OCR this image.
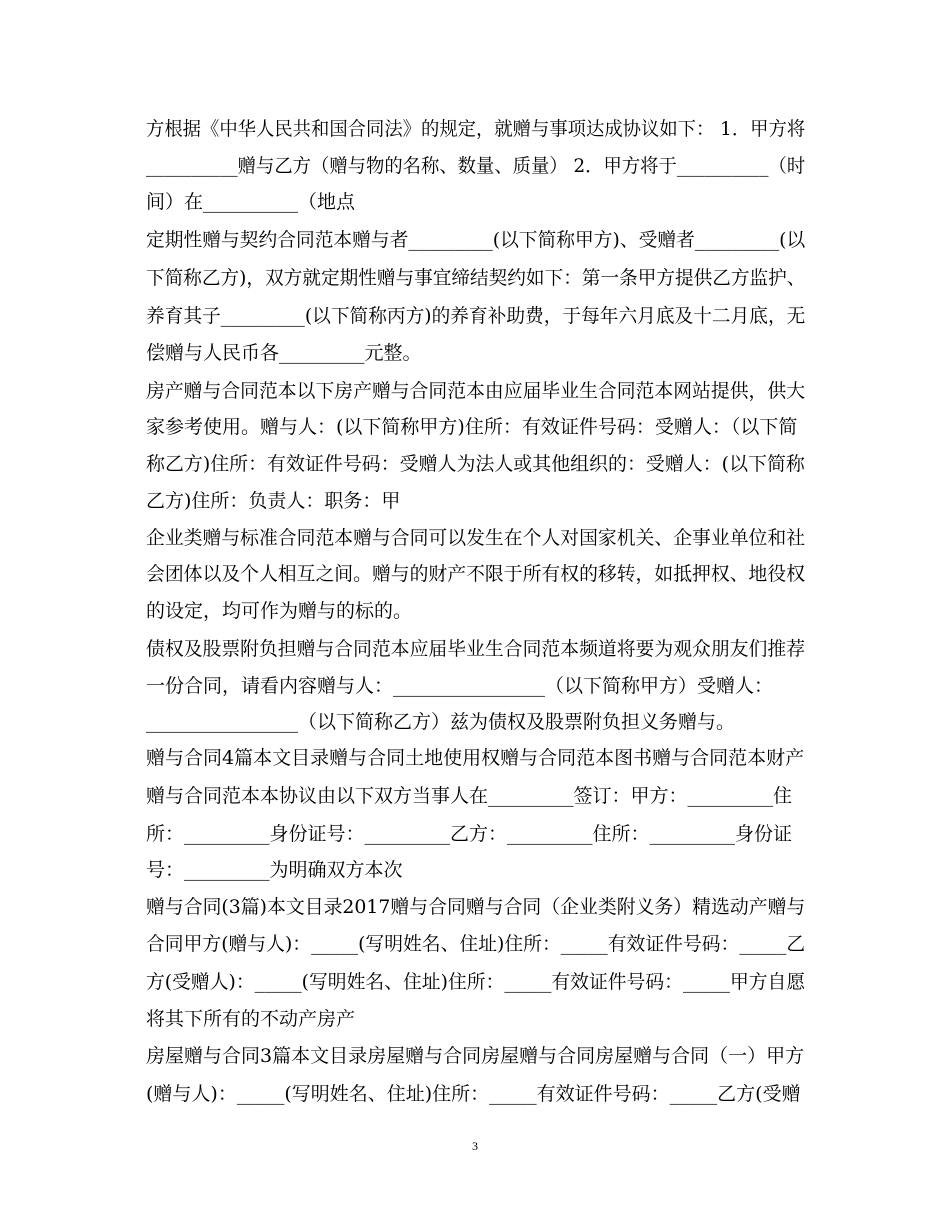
方根据《中华人民共和国合同法》的规定，就赠与事项达成协议如下： 1．甲方将
__________赠与乙方（赠与物的名称、数量、质量） 2．甲方将于__________（时
间）在__________（地点
定期性赠与契约合同范本赠与者_________(以下简称甲方)、受赠者_________(以
下简称乙方)，双方就定期性赠与事宜缔结契约如下：第一条甲方提供乙方监护、
养育其子_________(以下简称丙方)的养育补助费，于每年六月底及十二月底，无
偿赠与人民币各_________元整。
房产赠与合同范本以下房产赠与合同范本由应届毕业生合同范本网站提供，供大
家参考使用。赠与人：(以下简称甲方)住所：有效证件号码：受赠人：（以下简
称乙方)住所：有效证件号码：受赠人为法人或其他组织的：受赠人：(以下简称
乙方)住所：负责人：职务：甲
企业类赠与标准合同范本赠与合同可以发生在个人对国家机关、企事业单位和社
会团体以及个人相互之间。赠与的财产不限于所有权的移转，如抵押权、地役权
的设定，均可作为赠与的标的。
债权及股票附负担赠与合同范本应届毕业生合同范本频道将要为观众朋友们推荐
一份合同，请看内容赠与人：________________（以下简称甲方）受赠人：
________________（以下简称乙方）兹为债权及股票附负担义务赠与。
赠与合同4篇本文目录赠与合同土地使用权赠与合同范本图书赠与合同范本财产
赠与合同范本本协议由以下双方当事人在_________签订：甲方：_________住
所：_________身份证号：_________乙方：_________住所：_________身份证
号：_________为明确双方本次
赠与合同(3篇)本文目录2017赠与合同赠与合同（企业类附义务）精选动产赠与
合同甲方(赠与人)：_____(写明姓名、住址)住所：_____有效证件号码：_____乙
方(受赠人)：_____(写明姓名、住址)住所：_____有效证件号码：_____甲方自愿
将其下所有的不动产房产
房屋赠与合同3篇本文目录房屋赠与合同房屋赠与合同房屋赠与合同（一）甲方
(赠与人)：_____(写明姓名、住址)住所：_____有效证件号码：_____乙方(受赠
3
